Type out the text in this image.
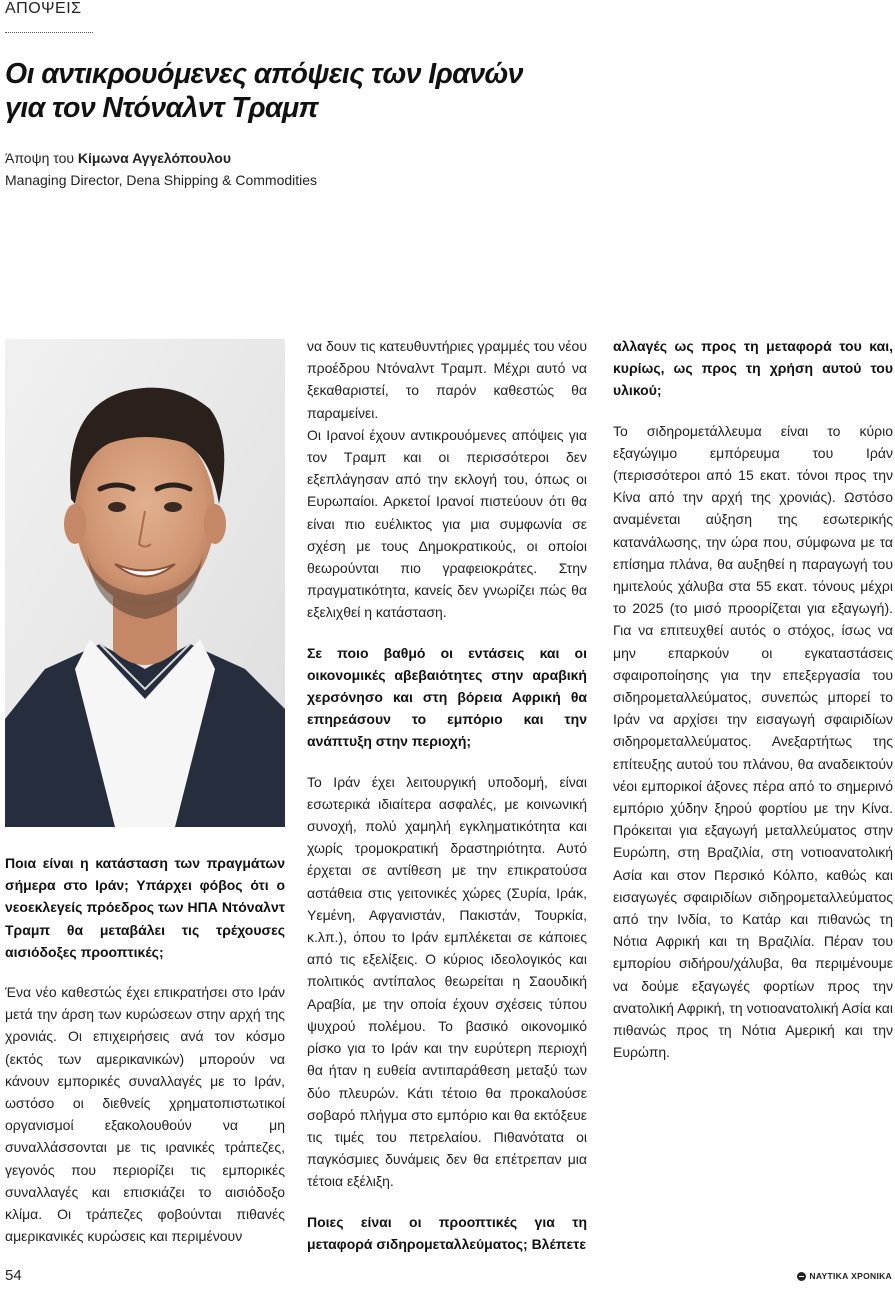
ΑΠΟΨΕΙΣ
Οι αντικρουόμενες απόψεις των Ιρανών
για τον Ντόναλντ Τραμπ
Άποψη του Κίμωνα Αγγελόπουλου
Managing Director, Dena Shipping & Commodities

Ποια είναι η κατάσταση των πραγμάτων σήμερα στο Ιράν; Υπάρχει φόβος ότι ο νεοεκλεγείς πρόεδρος των ΗΠΑ Ντόναλντ Τραμπ θα μεταβάλει τις τρέχουσες αισιόδοξες προοπτικές;

Ένα νέο καθεστώς έχει επικρατήσει στο Ιράν μετά την άρση των κυρώσεων στην αρχή της χρονιάς. Οι επιχειρήσεις ανά τον κόσμο (εκτός των αμερικανικών) μπορούν να κάνουν εμπορικές συναλλαγές με το Ιράν, ωστόσο οι διεθνείς χρηματοπιστωτικοί οργανισμοί εξακολουθούν να μη συναλλάσσονται με τις ιρανικές τράπεζες, γεγονός που περιορίζει τις εμπορικές συναλλαγές και επισκιάζει το αισιόδοξο κλίμα. Οι τράπεζες φοβούνται πιθανές αμερικανικές κυρώσεις και περιμένουν

να δουν τις κατευθυντήριες γραμμές του νέου προέδρου Ντόναλντ Τραμπ. Μέχρι αυτό να ξεκαθαριστεί, το παρόν καθεστώς θα παραμείνει.

Οι Ιρανοί έχουν αντικρουόμενες απόψεις για τον Τραμπ και οι περισσότεροι δεν εξεπλάγησαν από την εκλογή του, όπως οι Ευρωπαίοι. Αρκετοί Ιρανοί πιστεύουν ότι θα είναι πιο ευέλικτος για μια συμφωνία σε σχέση με τους Δημοκρατικούς, οι οποίοι θεωρούνται πιο γραφειοκράτες. Στην πραγματικότητα, κανείς δεν γνωρίζει πώς θα εξελιχθεί η κατάσταση.

Σε ποιο βαθμό οι εντάσεις και οι οικονομικές αβεβαιότητες στην αραβική χερσόνησο και στη βόρεια Αφρική θα επηρεάσουν το εμπόριο και την ανάπτυξη στην περιοχή;

Το Ιράν έχει λειτουργική υποδομή, είναι εσωτερικά ιδιαίτερα ασφαλές, με κοινωνική συνοχή, πολύ χαμηλή εγκληματικότητα και χωρίς τρομοκρατική δραστηριότητα. Αυτό έρχεται σε αντίθεση με την επικρατούσα αστάθεια στις γειτονικές χώρες (Συρία, Ιράκ, Υεμένη, Αφγανιστάν, Πακιστάν, Τουρκία, κ.λπ.), όπου το Ιράν εμπλέκεται σε κάποιες από τις εξελίξεις. Ο κύριος ιδεολογικός και πολιτικός αντίπαλος θεωρείται η Σαουδική Αραβία, με την οποία έχουν σχέσεις τύπου ψυχρού πολέμου. Το βασικό οικονομικό ρίσκο για το Ιράν και την ευρύτερη περιοχή θα ήταν η ευθεία αντιπαράθεση μεταξύ των δύο πλευρών. Κάτι τέτοιο θα προκαλούσε σοβαρό πλήγμα στο εμπόριο και θα εκτόξευε τις τιμές του πετρελαίου. Πιθανότατα οι παγκόσμιες δυνάμεις δεν θα επέτρεπαν μια τέτοια εξέλιξη.

Ποιες είναι οι προοπτικές για τη μεταφορά σιδηρομεταλλεύματος; Βλέπετε

αλλαγές ως προς τη μεταφορά του και, κυρίως, ως προς τη χρήση αυτού του υλικού;

Το σιδηρομετάλλευμα είναι το κύριο εξαγώγιμο εμπόρευμα του Ιράν (περισσότεροι από 15 εκατ. τόνοι προς την Κίνα από την αρχή της χρονιάς). Ωστόσο αναμένεται αύξηση της εσωτερικής κατανάλωσης, την ώρα που, σύμφωνα με τα επίσημα πλάνα, θα αυξηθεί η παραγωγή του ημιτελούς χάλυβα στα 55 εκατ. τόνους μέχρι το 2025 (το μισό προορίζεται για εξαγωγή). Για να επιτευχθεί αυτός ο στόχος, ίσως να μην επαρκούν οι εγκαταστάσεις σφαιροποίησης για την επεξεργασία του σιδηρομεταλλεύματος, συνεπώς μπορεί το Ιράν να αρχίσει την εισαγωγή σφαιριδίων σιδηρομεταλλεύματος. Ανεξαρτήτως της επίτευξης αυτού του πλάνου, θα αναδεικτούν νέοι εμπορικοί άξονες πέρα από το σημερινό εμπόριο χύδην ξηρού φορτίου με την Κίνα. Πρόκειται για εξαγωγή μεταλλεύματος στην Ευρώπη, στη Βραζιλία, στη νοτιοανατολική Ασία και στον Περσικό Κόλπο, καθώς και εισαγωγές σφαιριδίων σιδηρομεταλλεύματος από την Ινδία, το Κατάρ και πιθανώς τη Νότια Αφρική και τη Βραζιλία. Πέραν του εμπορίου σιδήρου/χάλυβα, θα περιμένουμε να δούμε εξαγωγές φορτίων προς την ανατολική Αφρική, τη νοτιοανατολική Ασία και πιθανώς προς τη Νότια Αμερική και την Ευρώπη.

54	ΝΑΥΤΙΚΑ ΧΡΟΝΙΚΑ
